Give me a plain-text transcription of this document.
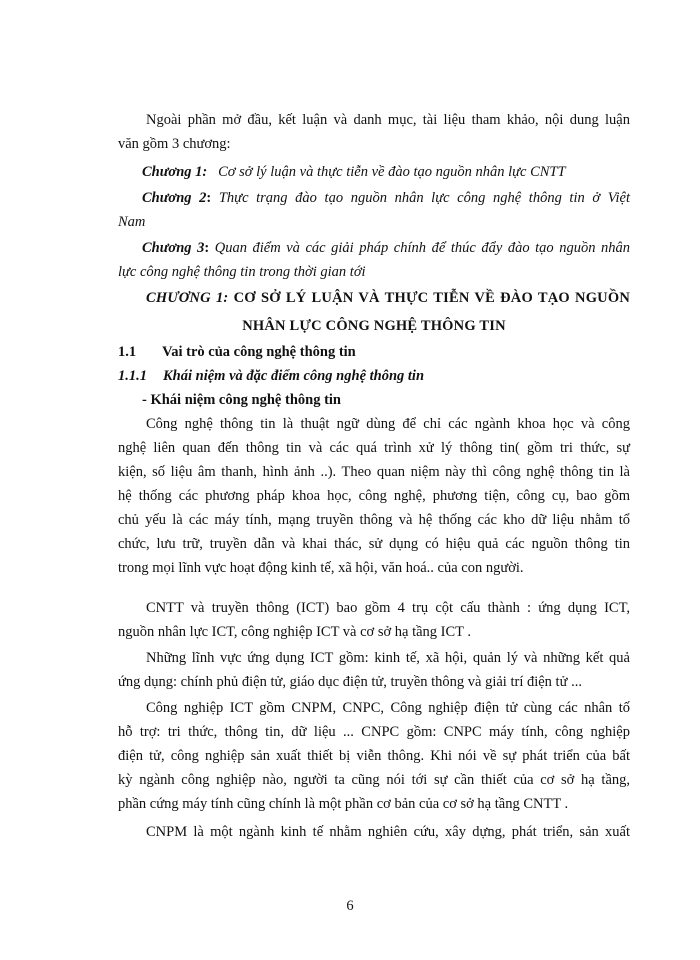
Ngoài phần mở đầu, kết luận và danh mục, tài liệu tham khảo, nội dung luận
văn gồm 3 chương:
Chương 1: Cơ sở lý luận và thực tiễn về đào tạo nguồn nhân lực CNTT
Chương 2: Thực trạng đào tạo nguồn nhân lực công nghệ thông tin ở Việt
Nam
Chương 3: Quan điểm và các giải pháp chính để thúc đẩy đào tạo nguồn nhân
lực công nghệ thông tin trong thời gian tới
CHƯƠNG 1: CƠ SỞ LÝ LUẬN VÀ THỰC TIỄN VỀ ĐÀO TẠO NGUỒN
NHÂN LỰC CÔNG NGHỆ THÔNG TIN
1.1 Vai trò của công nghệ thông tin
1.1.1 Khái niệm và đặc điểm công nghệ thông tin
- Khái niệm công nghệ thông tin
Công nghệ thông tin là thuật ngữ dùng để chỉ các ngành khoa học và công
nghệ liên quan đến thông tin và các quá trình xử lý thông tin( gồm tri thức, sự
kiện, số liệu âm thanh, hình ảnh ..). Theo quan niệm này thì công nghệ thông tin là
hệ thống các phương pháp khoa học, công nghệ, phương tiện, công cụ, bao gồm
chủ yếu là các máy tính, mạng truyền thông và hệ thống các kho dữ liệu nhằm tổ
chức, lưu trữ, truyền dẫn và khai thác, sử dụng có hiệu quả các nguồn thông tin
trong mọi lĩnh vực hoạt động kinh tế, xã hội, văn hoá.. của con người.
CNTT và truyền thông (ICT) bao gồm 4 trụ cột cấu thành : ứng dụng ICT,
nguồn nhân lực ICT, công nghiệp ICT và cơ sở hạ tầng ICT .
Những lĩnh vực ứng dụng ICT gồm: kinh tế, xã hội, quản lý và những kết quả
ứng dụng: chính phủ điện tử, giáo dục điện tử, truyền thông và giải trí điện tử ...
Công nghiệp ICT gồm CNPM, CNPC, Công nghiệp điện tử cùng các nhân tố
hỗ trợ: tri thức, thông tin, dữ liệu ... CNPC gồm: CNPC máy tính, công nghiệp
điện tử, công nghiệp sản xuất thiết bị viễn thông. Khi nói về sự phát triển của bất
kỳ ngành công nghiệp nào, người ta cũng nói tới sự cần thiết của cơ sở hạ tầng,
phần cứng máy tính cũng chính là một phần cơ bản của cơ sở hạ tầng CNTT .
CNPM là một ngành kinh tế nhằm nghiên cứu, xây dựng, phát triển, sản xuất
6
